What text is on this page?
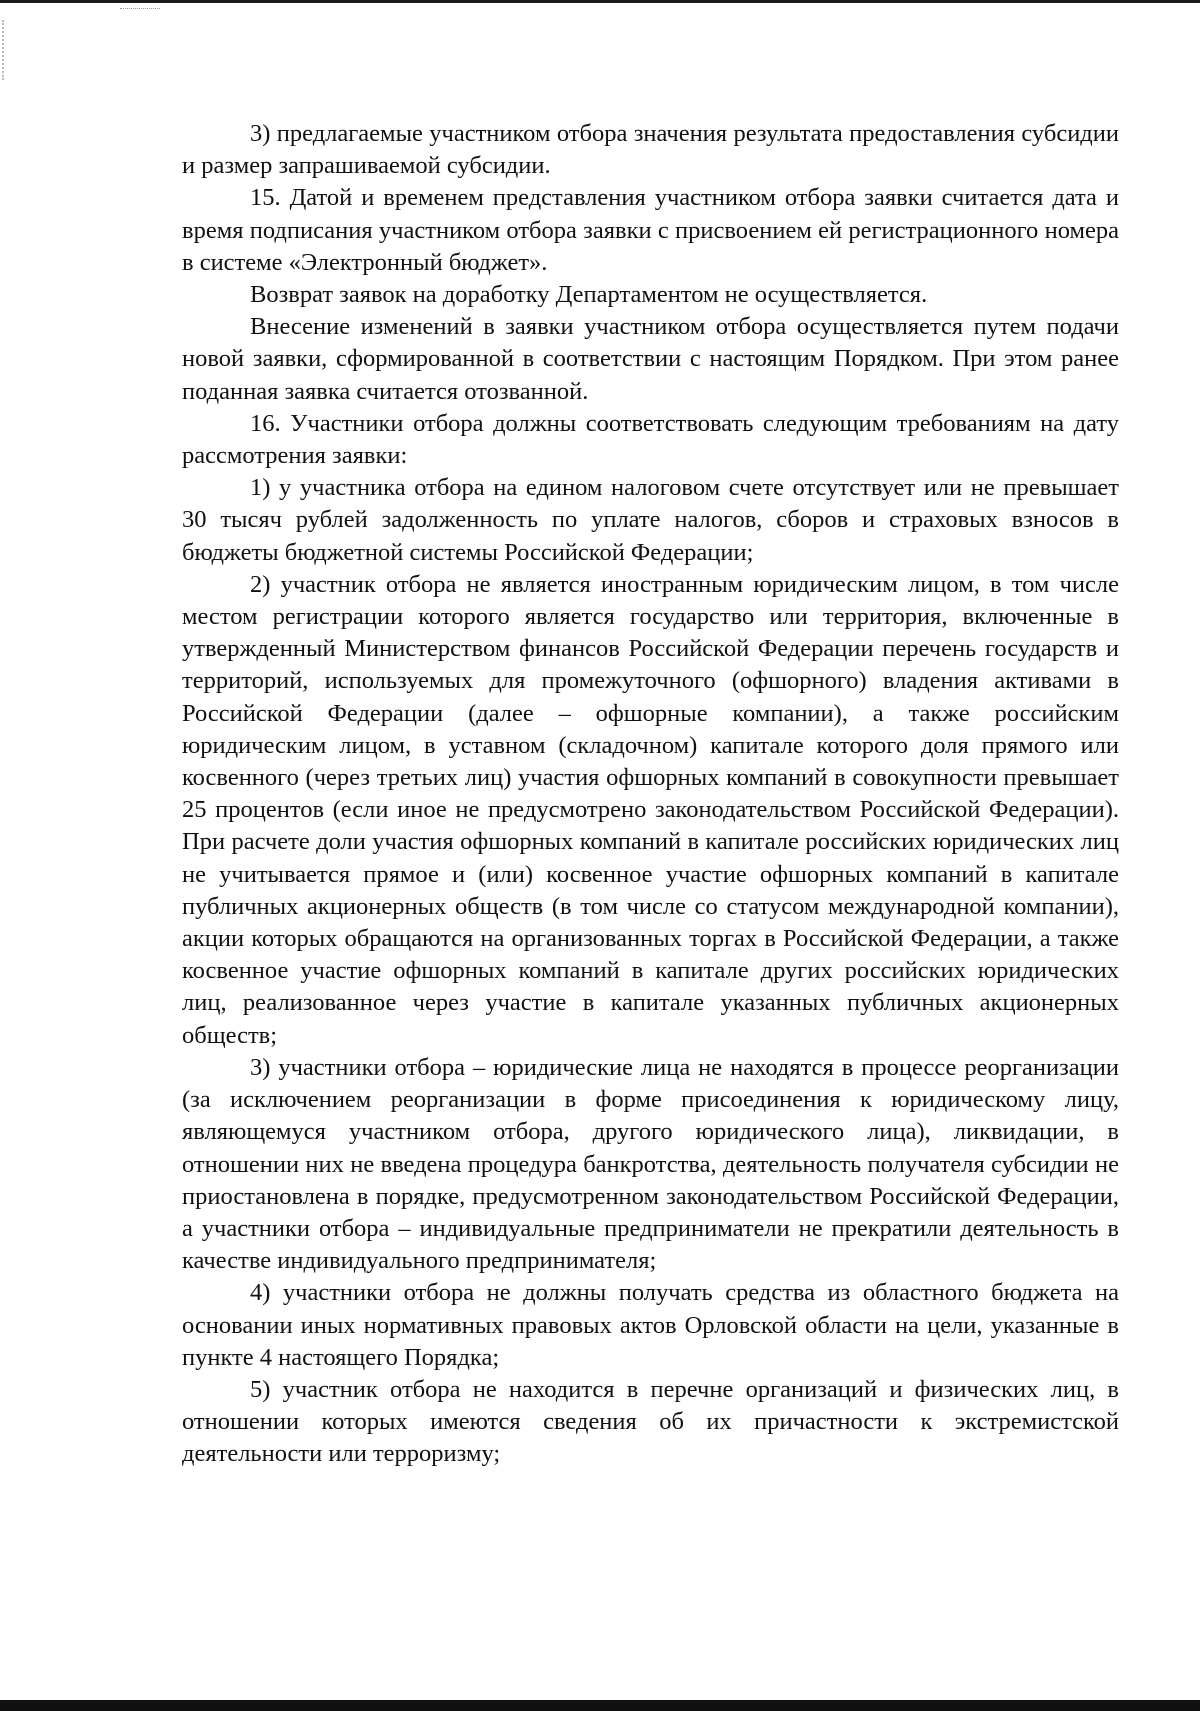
3) предлагаемые участником отбора значения результата предоставления субсидии и размер запрашиваемой субсидии.

15. Датой и временем представления участником отбора заявки считается дата и время подписания участником отбора заявки с присвоением ей регистрационного номера в системе «Электронный бюджет».

Возврат заявок на доработку Департаментом не осуществляется.

Внесение изменений в заявки участником отбора осуществляется путем подачи новой заявки, сформированной в соответствии с настоящим Порядком. При этом ранее поданная заявка считается отозванной.

16. Участники отбора должны соответствовать следующим требованиям на дату рассмотрения заявки:

1) у участника отбора на едином налоговом счете отсутствует или не превышает 30 тысяч рублей задолженность по уплате налогов, сборов и страховых взносов в бюджеты бюджетной системы Российской Федерации;

2) участник отбора не является иностранным юридическим лицом, в том числе местом регистрации которого является государство или территория, включенные в утвержденный Министерством финансов Российской Федерации перечень государств и территорий, используемых для промежуточного (офшорного) владения активами в Российской Федерации (далее – офшорные компании), а также российским юридическим лицом, в уставном (складочном) капитале которого доля прямого или косвенного (через третьих лиц) участия офшорных компаний в совокупности превышает 25 процентов (если иное не предусмотрено законодательством Российской Федерации). При расчете доли участия офшорных компаний в капитале российских юридических лиц не учитывается прямое и (или) косвенное участие офшорных компаний в капитале публичных акционерных обществ (в том числе со статусом международной компании), акции которых обращаются на организованных торгах в Российской Федерации, а также косвенное участие офшорных компаний в капитале других российских юридических лиц, реализованное через участие в капитале указанных публичных акционерных обществ;

3) участники отбора – юридические лица не находятся в процессе реорганизации (за исключением реорганизации в форме присоединения к юридическому лицу, являющемуся участником отбора, другого юридического лица), ликвидации, в отношении них не введена процедура банкротства, деятельность получателя субсидии не приостановлена в порядке, предусмотренном законодательством Российской Федерации, а участники отбора – индивидуальные предприниматели не прекратили деятельность в качестве индивидуального предпринимателя;

4) участники отбора не должны получать средства из областного бюджета на основании иных нормативных правовых актов Орловской области на цели, указанные в пункте 4 настоящего Порядка;

5) участник отбора не находится в перечне организаций и физических лиц, в отношении которых имеются сведения об их причастности к экстремистской деятельности или терроризму;
